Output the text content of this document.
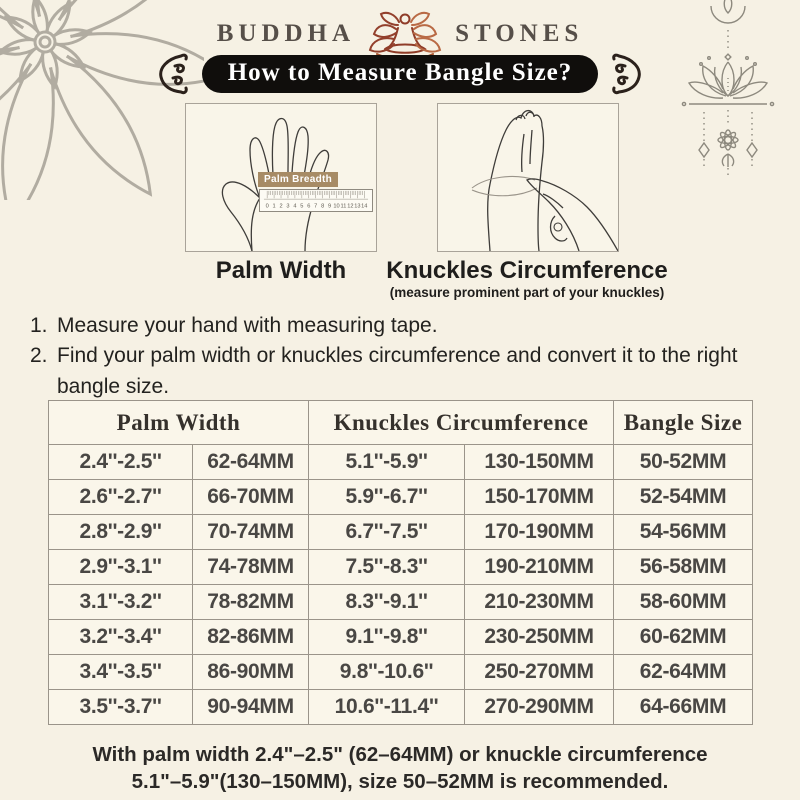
BUDDHA	STONES
How to Measure Bangle Size?
Palm Breadth
0 1 2 3 4 5 6 7 8 9 10 11 12 13 14
Palm Width	Knuckles Circumference
(measure prominent part of your knuckles)
1. Measure your hand with measuring tape.
2. Find your palm width or knuckles circumference and convert it to the right bangle size.
Palm Width		Knuckles Circumference		Bangle Size
2.4''-2.5''	62-64MM	5.1''-5.9''	130-150MM	50-52MM
2.6''-2.7''	66-70MM	5.9''-6.7''	150-170MM	52-54MM
2.8''-2.9''	70-74MM	6.7''-7.5''	170-190MM	54-56MM
2.9''-3.1''	74-78MM	7.5''-8.3''	190-210MM	56-58MM
3.1''-3.2''	78-82MM	8.3''-9.1''	210-230MM	58-60MM
3.2''-3.4''	82-86MM	9.1''-9.8''	230-250MM	60-62MM
3.4''-3.5''	86-90MM	9.8''-10.6''	250-270MM	62-64MM
3.5''-3.7''	90-94MM	10.6''-11.4''	270-290MM	64-66MM
With palm width 2.4"–2.5" (62–64MM) or knuckle circumference
5.1"–5.9"(130–150MM), size 50–52MM is recommended.
